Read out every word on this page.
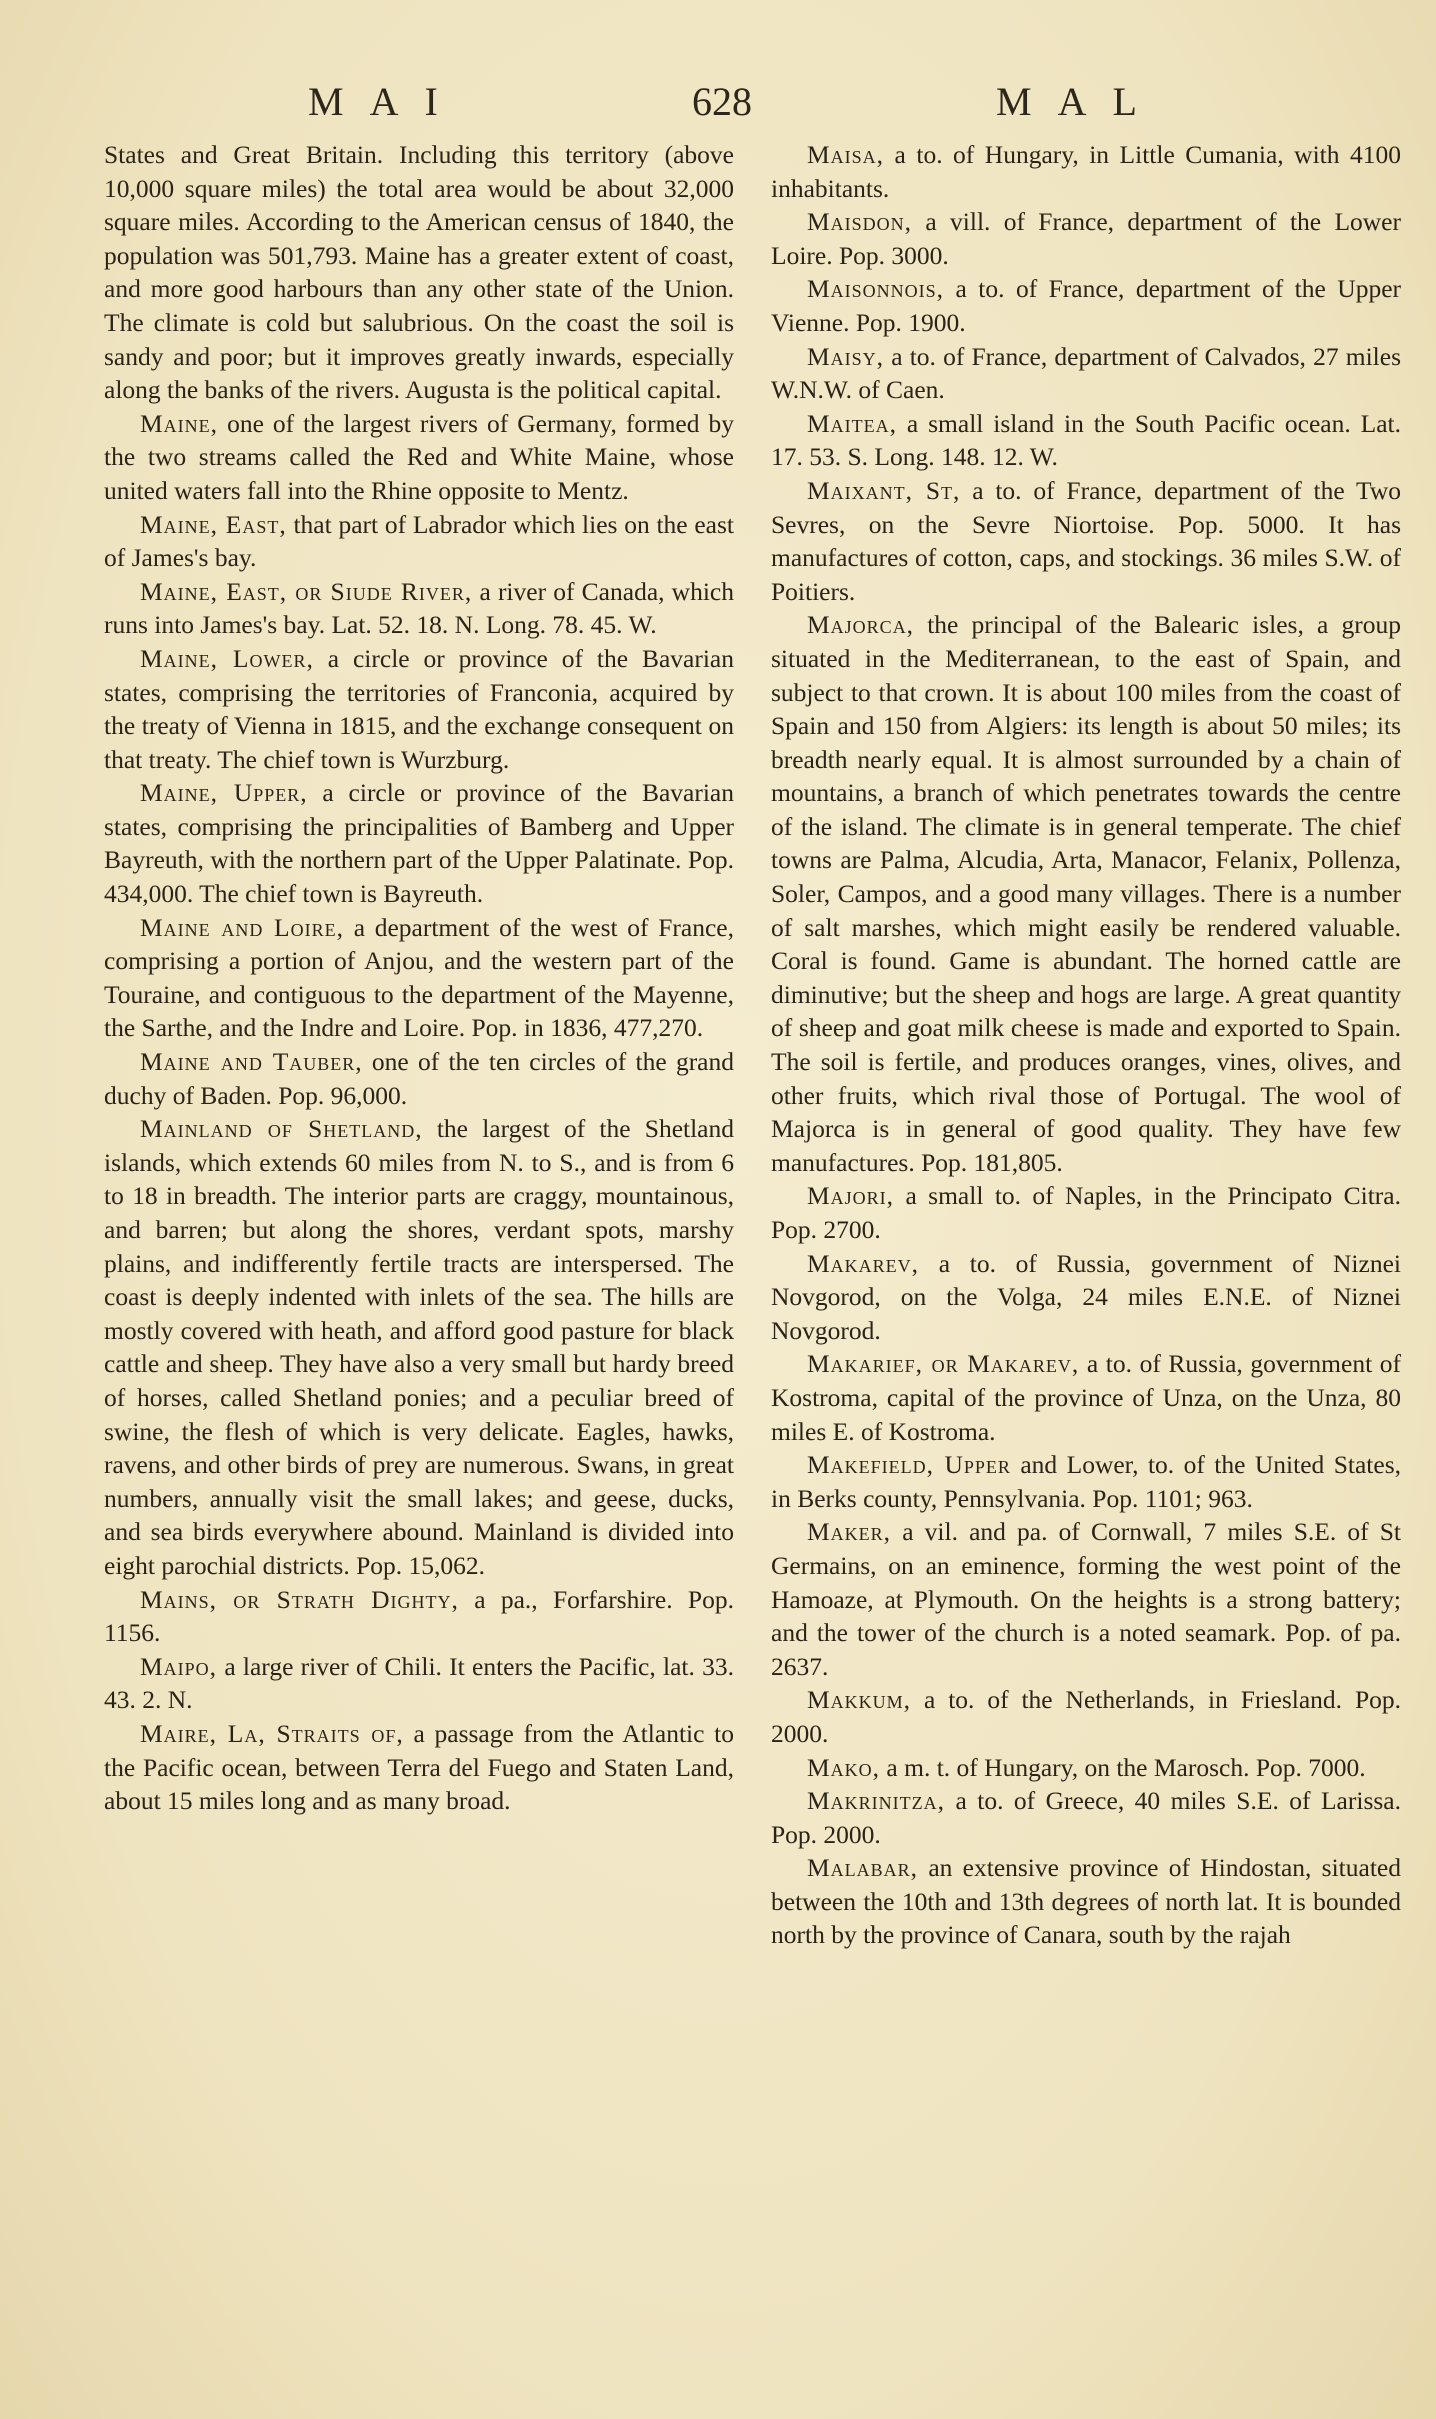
MAI	628	MAL

States and Great Britain. Including this territory (above 10,000 square miles) the total area would be about 32,000 square miles. According to the American census of 1840, the population was 501,793. Maine has a greater extent of coast, and more good harbours than any other state of the Union. The climate is cold but salubrious. On the coast the soil is sandy and poor; but it improves greatly inwards, especially along the banks of the rivers. Augusta is the political capital.

Maine, one of the largest rivers of Germany, formed by the two streams called the Red and White Maine, whose united waters fall into the Rhine opposite to Mentz.

Maine, East, that part of Labrador which lies on the east of James's bay.

Maine, East, or Siude River, a river of Canada, which runs into James's bay. Lat. 52. 18. N. Long. 78. 45. W.

Maine, Lower, a circle or province of the Bavarian states, comprising the territories of Franconia, acquired by the treaty of Vienna in 1815, and the exchange consequent on that treaty. The chief town is Wurzburg.

Maine, Upper, a circle or province of the Bavarian states, comprising the principalities of Bamberg and Upper Bayreuth, with the northern part of the Upper Palatinate. Pop. 434,000. The chief town is Bayreuth.

Maine and Loire, a department of the west of France, comprising a portion of Anjou, and the western part of the Touraine, and contiguous to the department of the Mayenne, the Sarthe, and the Indre and Loire. Pop. in 1836, 477,270.

Maine and Tauber, one of the ten circles of the grand duchy of Baden. Pop. 96,000.

Mainland of Shetland, the largest of the Shetland islands, which extends 60 miles from N. to S., and is from 6 to 18 in breadth. The interior parts are craggy, mountainous, and barren; but along the shores, verdant spots, marshy plains, and indifferently fertile tracts are interspersed. The coast is deeply indented with inlets of the sea. The hills are mostly covered with heath, and afford good pasture for black cattle and sheep. They have also a very small but hardy breed of horses, called Shetland ponies; and a peculiar breed of swine, the flesh of which is very delicate. Eagles, hawks, ravens, and other birds of prey are numerous. Swans, in great numbers, annually visit the small lakes; and geese, ducks, and sea birds everywhere abound. Mainland is divided into eight parochial districts. Pop. 15,062.

Mains, or Strath Dighty, a pa., Forfarshire. Pop. 1156.

Maipo, a large river of Chili. It enters the Pacific, lat. 33. 43. 2. N.

Maire, La, Straits of, a passage from the Atlantic to the Pacific ocean, between Terra del Fuego and Staten Land, about 15 miles long and as many broad.

Maisa, a to. of Hungary, in Little Cumania, with 4100 inhabitants.

Maisdon, a vill. of France, department of the Lower Loire. Pop. 3000.

Maisonnois, a to. of France, department of the Upper Vienne. Pop. 1900.

Maisy, a to. of France, department of Calvados, 27 miles W.N.W. of Caen.

Maitea, a small island in the South Pacific ocean. Lat. 17. 53. S. Long. 148. 12. W.

Maixant, St, a to. of France, department of the Two Sevres, on the Sevre Niortoise. Pop. 5000. It has manufactures of cotton, caps, and stockings. 36 miles S.W. of Poitiers.

Majorca, the principal of the Balearic isles, a group situated in the Mediterranean, to the east of Spain, and subject to that crown. It is about 100 miles from the coast of Spain and 150 from Algiers: its length is about 50 miles; its breadth nearly equal. It is almost surrounded by a chain of mountains, a branch of which penetrates towards the centre of the island. The climate is in general temperate. The chief towns are Palma, Alcudia, Arta, Manacor, Felanix, Pollenza, Soler, Campos, and a good many villages. There is a number of salt marshes, which might easily be rendered valuable. Coral is found. Game is abundant. The horned cattle are diminutive; but the sheep and hogs are large. A great quantity of sheep and goat milk cheese is made and exported to Spain. The soil is fertile, and produces oranges, vines, olives, and other fruits, which rival those of Portugal. The wool of Majorca is in general of good quality. They have few manufactures. Pop. 181,805.

Majori, a small to. of Naples, in the Principato Citra. Pop. 2700.

Makarev, a to. of Russia, government of Niznei Novgorod, on the Volga, 24 miles E.N.E. of Niznei Novgorod.

Makarief, or Makarev, a to. of Russia, government of Kostroma, capital of the province of Unza, on the Unza, 80 miles E. of Kostroma.

Makefield, Upper and Lower, to. of the United States, in Berks county, Pennsylvania. Pop. 1101; 963.

Maker, a vil. and pa. of Cornwall, 7 miles S.E. of St Germains, on an eminence, forming the west point of the Hamoaze, at Plymouth. On the heights is a strong battery; and the tower of the church is a noted seamark. Pop. of pa. 2637.

Makkum, a to. of the Netherlands, in Friesland. Pop. 2000.

Mako, a m. t. of Hungary, on the Marosch. Pop. 7000.

Makrinitza, a to. of Greece, 40 miles S.E. of Larissa. Pop. 2000.

Malabar, an extensive province of Hindostan, situated between the 10th and 13th degrees of north lat. It is bounded north by the province of Canara, south by the rajah
